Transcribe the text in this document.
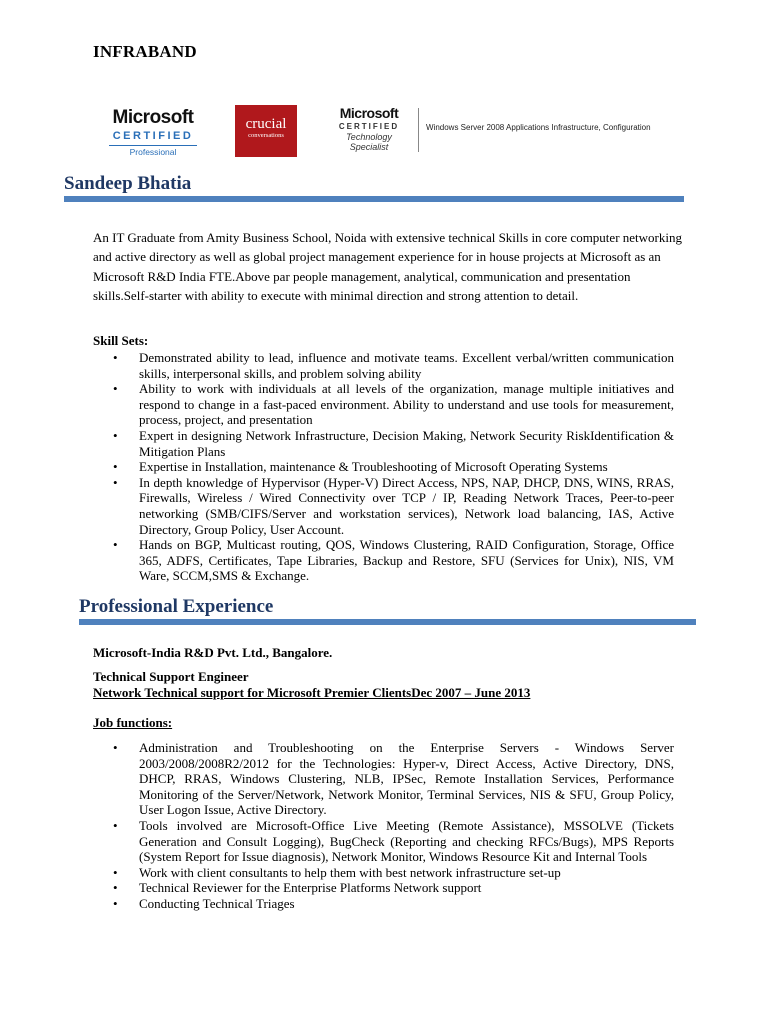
INFRABAND
Microsoft
CERTIFIED
Professional
crucial
conversations
Microsoft
CERTIFIED
Technology
Specialist
Windows Server 2008 Applications Infrastructure, Configuration
Sandeep Bhatia
An IT Graduate from Amity Business School, Noida with extensive technical Skills in core computer networking and active directory as well as global project management experience for in house projects at Microsoft as an Microsoft R&D India FTE.Above par people management, analytical, communication and presentation skills.Self-starter with ability to execute with minimal direction and strong attention to detail.
Skill Sets:
• Demonstrated ability to lead, influence and motivate teams. Excellent verbal/written communication skills, interpersonal skills, and problem solving ability
• Ability to work with individuals at all levels of the organization, manage multiple initiatives and respond to change in a fast-paced environment. Ability to understand and use tools for measurement, process, project, and presentation
• Expert in designing Network Infrastructure, Decision Making, Network Security RiskIdentification & Mitigation Plans
• Expertise in Installation, maintenance & Troubleshooting of Microsoft Operating Systems
• In depth knowledge of Hypervisor (Hyper-V) Direct Access, NPS, NAP, DHCP, DNS, WINS, RRAS, Firewalls, Wireless / Wired Connectivity over TCP / IP, Reading Network Traces, Peer-to-peer networking (SMB/CIFS/Server and workstation services), Network load balancing, IAS, Active Directory, Group Policy, User Account.
• Hands on BGP, Multicast routing, QOS, Windows Clustering, RAID Configuration, Storage, Office 365, ADFS, Certificates, Tape Libraries, Backup and Restore, SFU (Services for Unix), NIS, VM Ware, SCCM,SMS & Exchange.
Professional Experience
Microsoft-India R&D Pvt. Ltd., Bangalore.
Technical Support Engineer
Network Technical support for Microsoft Premier ClientsDec 2007 – June 2013
Job functions:
• Administration and Troubleshooting on the Enterprise Servers - Windows Server 2003/2008/2008R2/2012 for the Technologies: Hyper-v, Direct Access, Active Directory, DNS, DHCP, RRAS, Windows Clustering, NLB, IPSec, Remote Installation Services, Performance Monitoring of the Server/Network, Network Monitor, Terminal Services, NIS & SFU, Group Policy, User Logon Issue, Active Directory.
• Tools involved are Microsoft-Office Live Meeting (Remote Assistance), MSSOLVE (Tickets Generation and Consult Logging), BugCheck (Reporting and checking RFCs/Bugs), MPS Reports (System Report for Issue diagnosis), Network Monitor, Windows Resource Kit and Internal Tools
• Work with client consultants to help them with best network infrastructure set-up
• Technical Reviewer for the Enterprise Platforms Network support
• Conducting Technical Triages
